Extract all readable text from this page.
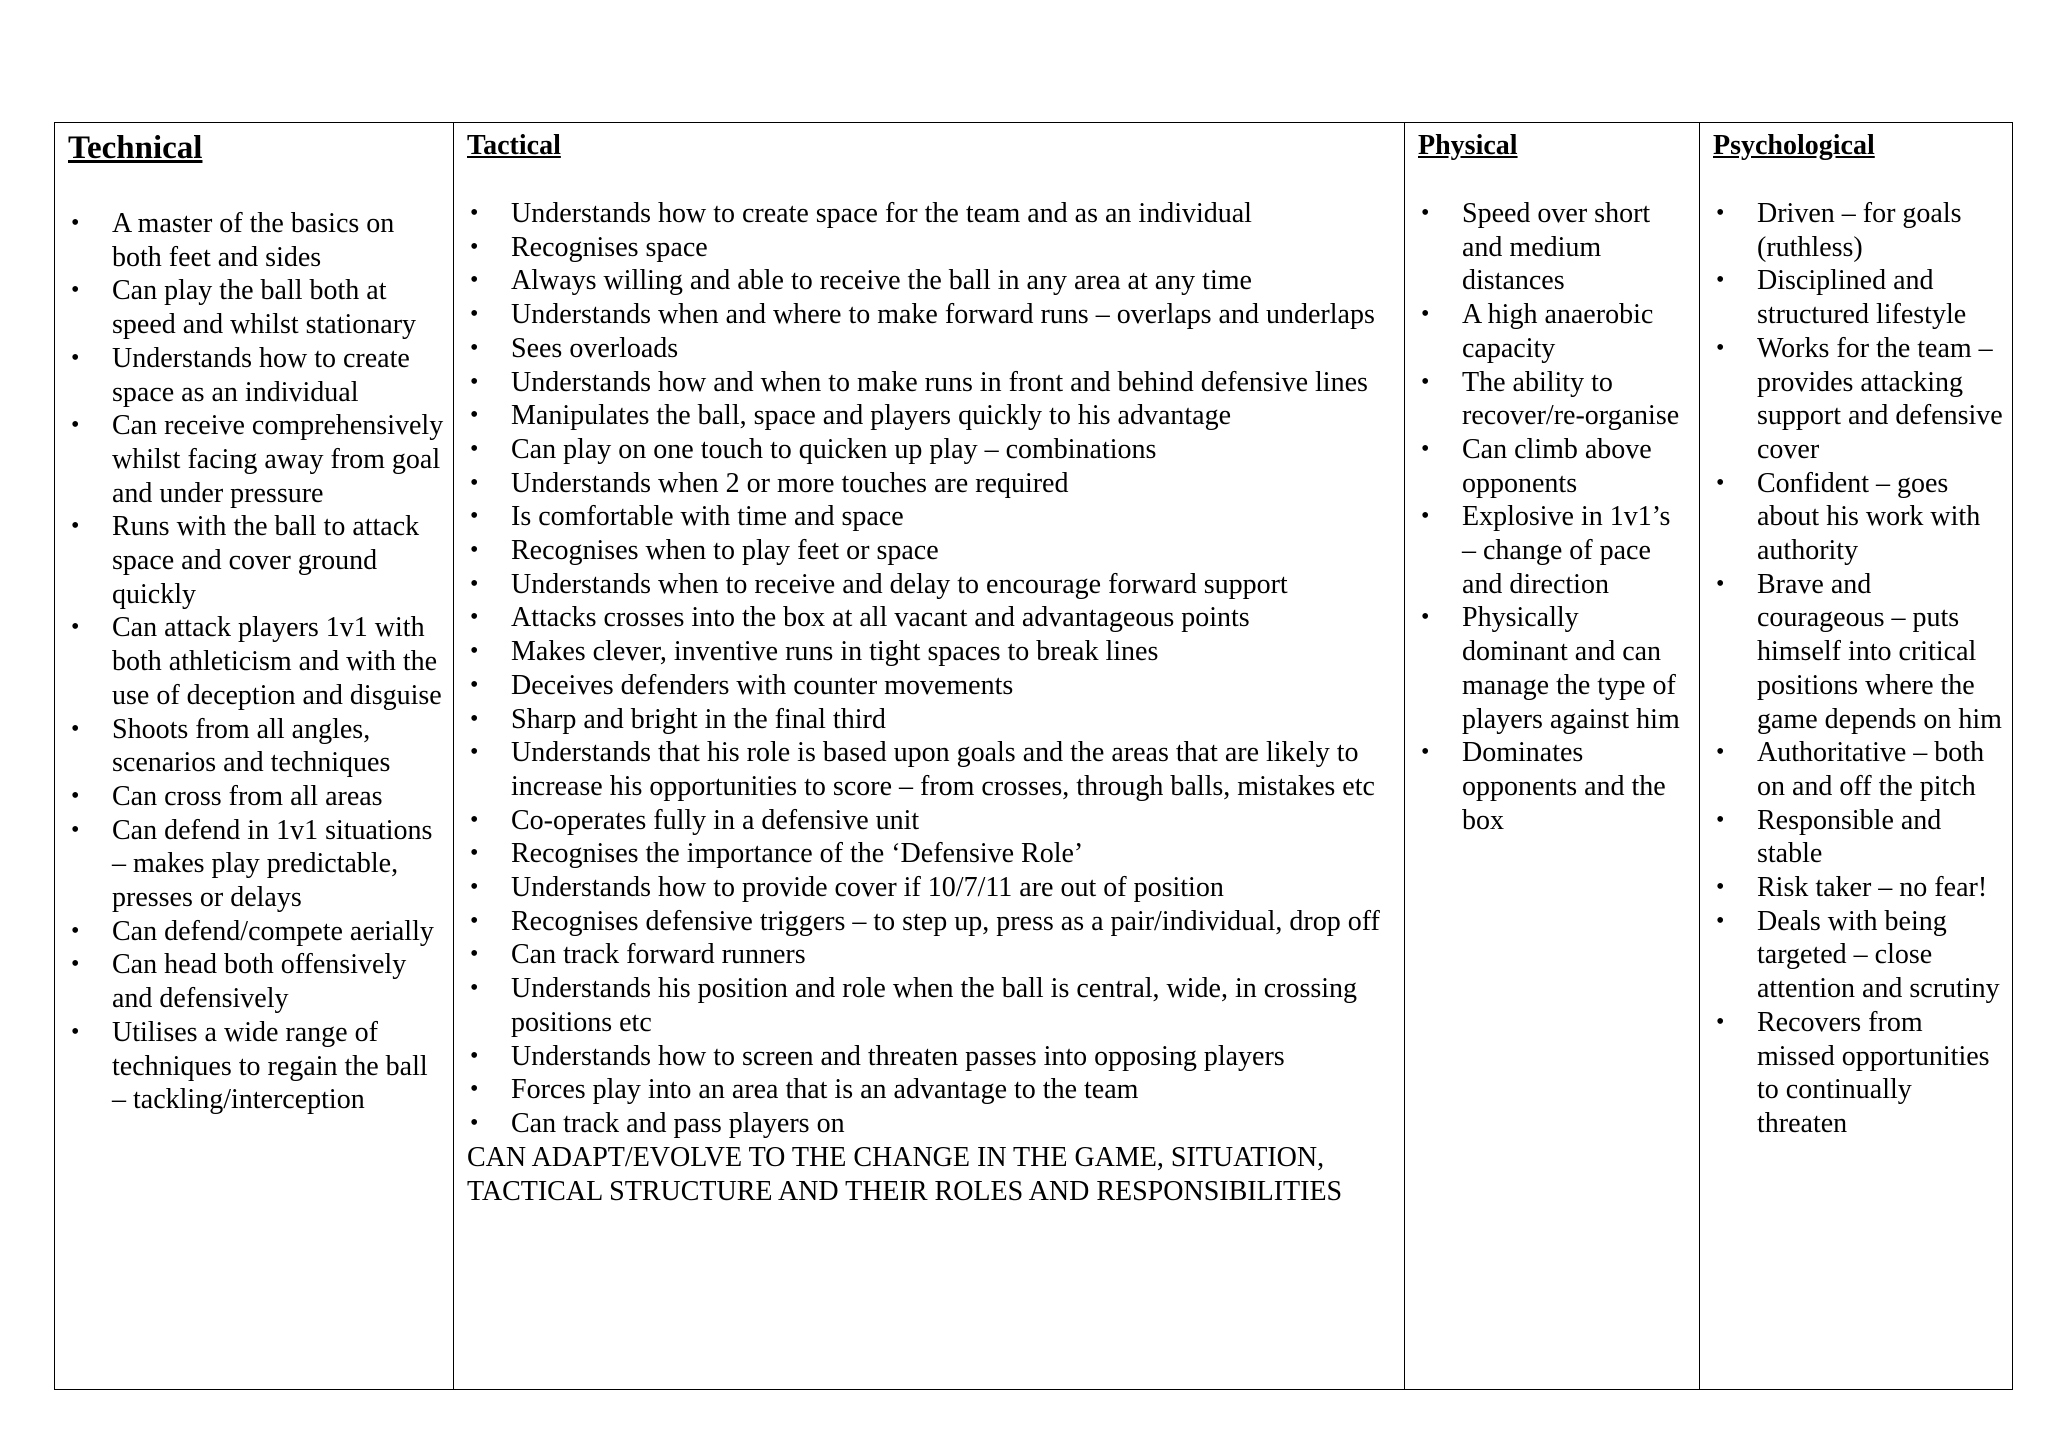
Technical
• A master of the basics on both feet and sides
• Can play the ball both at speed and whilst stationary
• Understands how to create space as an individual
• Can receive comprehensively whilst facing away from goal and under pressure
• Runs with the ball to attack space and cover ground quickly
• Can attack players 1v1 with both athleticism and with the use of deception and disguise
• Shoots from all angles, scenarios and techniques
• Can cross from all areas
• Can defend in 1v1 situations – makes play predictable, presses or delays
• Can defend/compete aerially
• Can head both offensively and defensively
• Utilises a wide range of techniques to regain the ball – tackling/interception

Tactical
• Understands how to create space for the team and as an individual
• Recognises space
• Always willing and able to receive the ball in any area at any time
• Understands when and where to make forward runs – overlaps and underlaps
• Sees overloads
• Understands how and when to make runs in front and behind defensive lines
• Manipulates the ball, space and players quickly to his advantage
• Can play on one touch to quicken up play – combinations
• Understands when 2 or more touches are required
• Is comfortable with time and space
• Recognises when to play feet or space
• Understands when to receive and delay to encourage forward support
• Attacks crosses into the box at all vacant and advantageous points
• Makes clever, inventive runs in tight spaces to break lines
• Deceives defenders with counter movements
• Sharp and bright in the final third
• Understands that his role is based upon goals and the areas that are likely to increase his opportunities to score – from crosses, through balls, mistakes etc
• Co-operates fully in a defensive unit
• Recognises the importance of the ‘Defensive Role’
• Understands how to provide cover if 10/7/11 are out of position
• Recognises defensive triggers – to step up, press as a pair/individual, drop off
• Can track forward runners
• Understands his position and role when the ball is central, wide, in crossing positions etc
• Understands how to screen and threaten passes into opposing players
• Forces play into an area that is an advantage to the team
• Can track and pass players on

CAN ADAPT/EVOLVE TO THE CHANGE IN THE GAME, SITUATION, TACTICAL STRUCTURE AND THEIR ROLES AND RESPONSIBILITIES

Physical
• Speed over short and medium distances
• A high anaerobic capacity
• The ability to recover/re-organise
• Can climb above opponents
• Explosive in 1v1’s – change of pace and direction
• Physically dominant and can manage the type of players against him
• Dominates opponents and the box

Psychological
• Driven – for goals (ruthless)
• Disciplined and structured lifestyle
• Works for the team – provides attacking support and defensive cover
• Confident – goes about his work with authority
• Brave and courageous – puts himself into critical positions where the game depends on him
• Authoritative – both on and off the pitch
• Responsible and stable
• Risk taker – no fear!
• Deals with being targeted – close attention and scrutiny
• Recovers from missed opportunities to continually threaten
